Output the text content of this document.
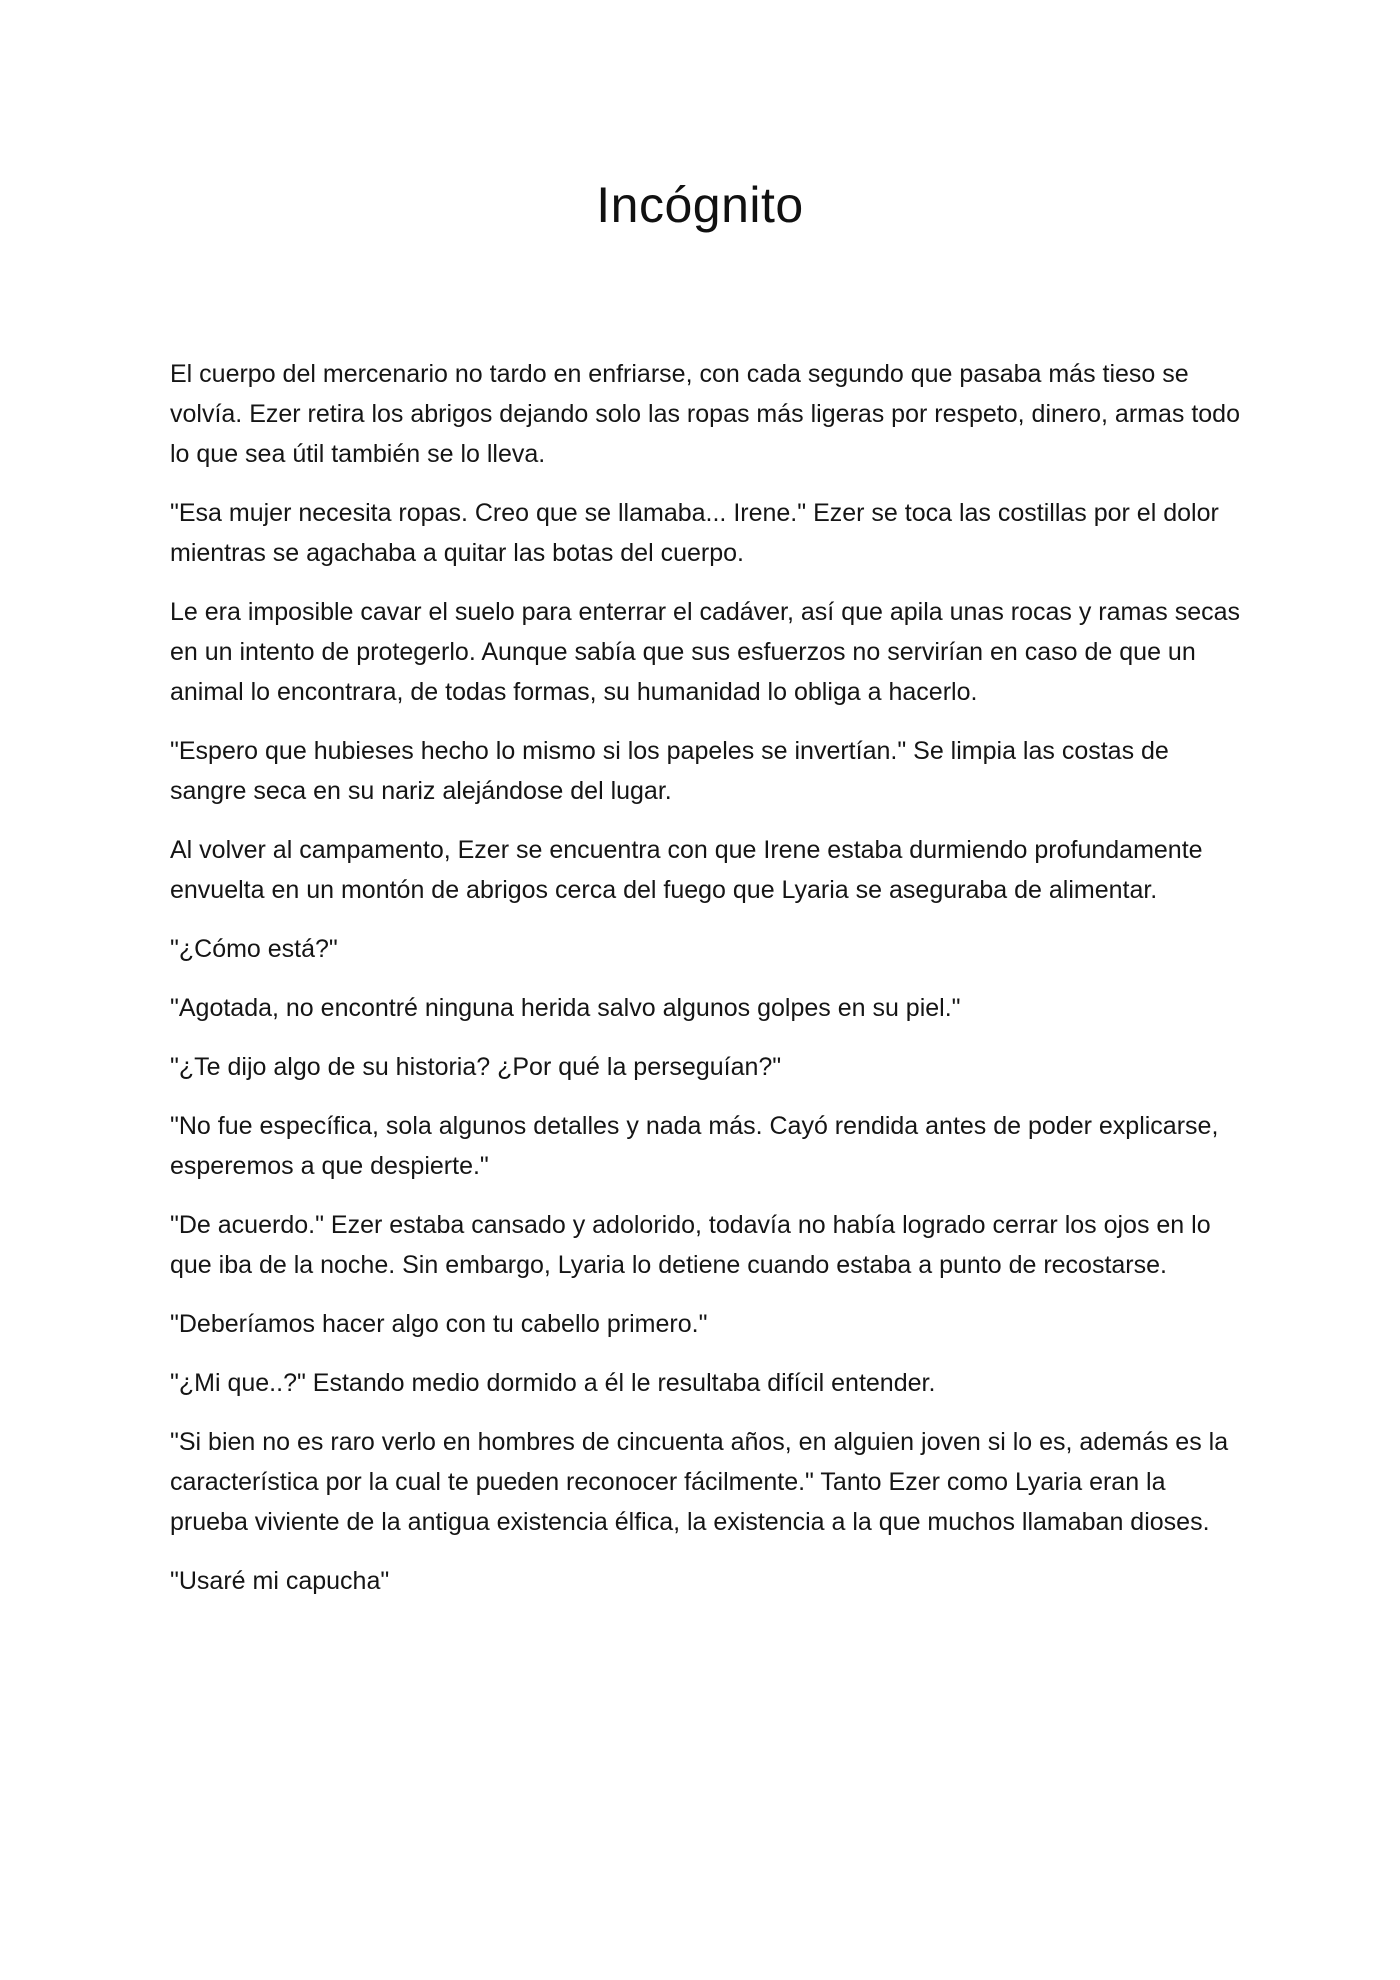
Incógnito

El cuerpo del mercenario no tardo en enfriarse, con cada segundo que pasaba más tieso se volvía. Ezer retira los abrigos dejando solo las ropas más ligeras por respeto, dinero, armas todo lo que sea útil también se lo lleva.

"Esa mujer necesita ropas. Creo que se llamaba... Irene." Ezer se toca las costillas por el dolor mientras se agachaba a quitar las botas del cuerpo.

Le era imposible cavar el suelo para enterrar el cadáver, así que apila unas rocas y ramas secas en un intento de protegerlo. Aunque sabía que sus esfuerzos no servirían en caso de que un animal lo encontrara, de todas formas, su humanidad lo obliga a hacerlo.

"Espero que hubieses hecho lo mismo si los papeles se invertían." Se limpia las costas de sangre seca en su nariz alejándose del lugar.

Al volver al campamento, Ezer se encuentra con que Irene estaba durmiendo profundamente envuelta en un montón de abrigos cerca del fuego que Lyaria se aseguraba de alimentar.

"¿Cómo está?"

"Agotada, no encontré ninguna herida salvo algunos golpes en su piel."

"¿Te dijo algo de su historia? ¿Por qué la perseguían?"

"No fue específica, sola algunos detalles y nada más. Cayó rendida antes de poder explicarse, esperemos a que despierte."

"De acuerdo." Ezer estaba cansado y adolorido, todavía no había logrado cerrar los ojos en lo que iba de la noche. Sin embargo, Lyaria lo detiene cuando estaba a punto de recostarse.

"Deberíamos hacer algo con tu cabello primero."

"¿Mi que..?" Estando medio dormido a él le resultaba difícil entender.

"Si bien no es raro verlo en hombres de cincuenta años, en alguien joven si lo es, además es la característica por la cual te pueden reconocer fácilmente." Tanto Ezer como Lyaria eran la prueba viviente de la antigua existencia élfica, la existencia a la que muchos llamaban dioses.

"Usaré mi capucha"
